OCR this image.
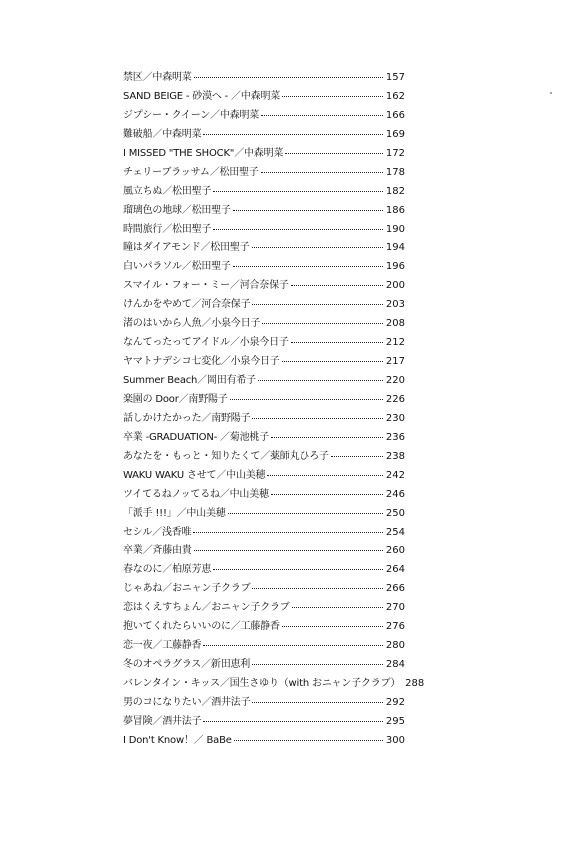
禁区／中森明菜	157
SAND BEIGE - 砂漠へ - ／中森明菜	162
ジプシー・クイーン／中森明菜	166
難破船／中森明菜	169
I MISSED "THE SHOCK"／中森明菜	172
チェリーブラッサム／松田聖子	178
風立ちぬ／松田聖子	182
瑠璃色の地球／松田聖子	186
時間旅行／松田聖子	190
瞳はダイアモンド／松田聖子	194
白いパラソル／松田聖子	196
スマイル・フォー・ミー／河合奈保子	200
けんかをやめて／河合奈保子	203
渚のはいから人魚／小泉今日子	208
なんてったってアイドル／小泉今日子	212
ヤマトナデシコ七変化／小泉今日子	217
Summer Beach／岡田有希子	220
楽園の Door／南野陽子	226
話しかけたかった／南野陽子	230
卒業 -GRADUATION- ／菊池桃子	236
あなたを・もっと・知りたくて／薬師丸ひろ子	238
WAKU WAKU させて／中山美穂	242
ツイてるねノッてるね／中山美穂	246
「派手 !!!」／中山美穂	250
セシル／浅香唯	254
卒業／斉藤由貴	260
春なのに／柏原芳恵	264
じゃあね／おニャン子クラブ	266
恋はくえすちょん／おニャン子クラブ	270
抱いてくれたらいいのに／工藤静香	276
恋一夜／工藤静香	280
冬のオペラグラス／新田恵利	284
バレンタイン・キッス／国生さゆり（with おニャン子クラブ） 288
男のコになりたい／酒井法子	292
夢冒険／酒井法子	295
I Don't Know！／ BaBe	300
